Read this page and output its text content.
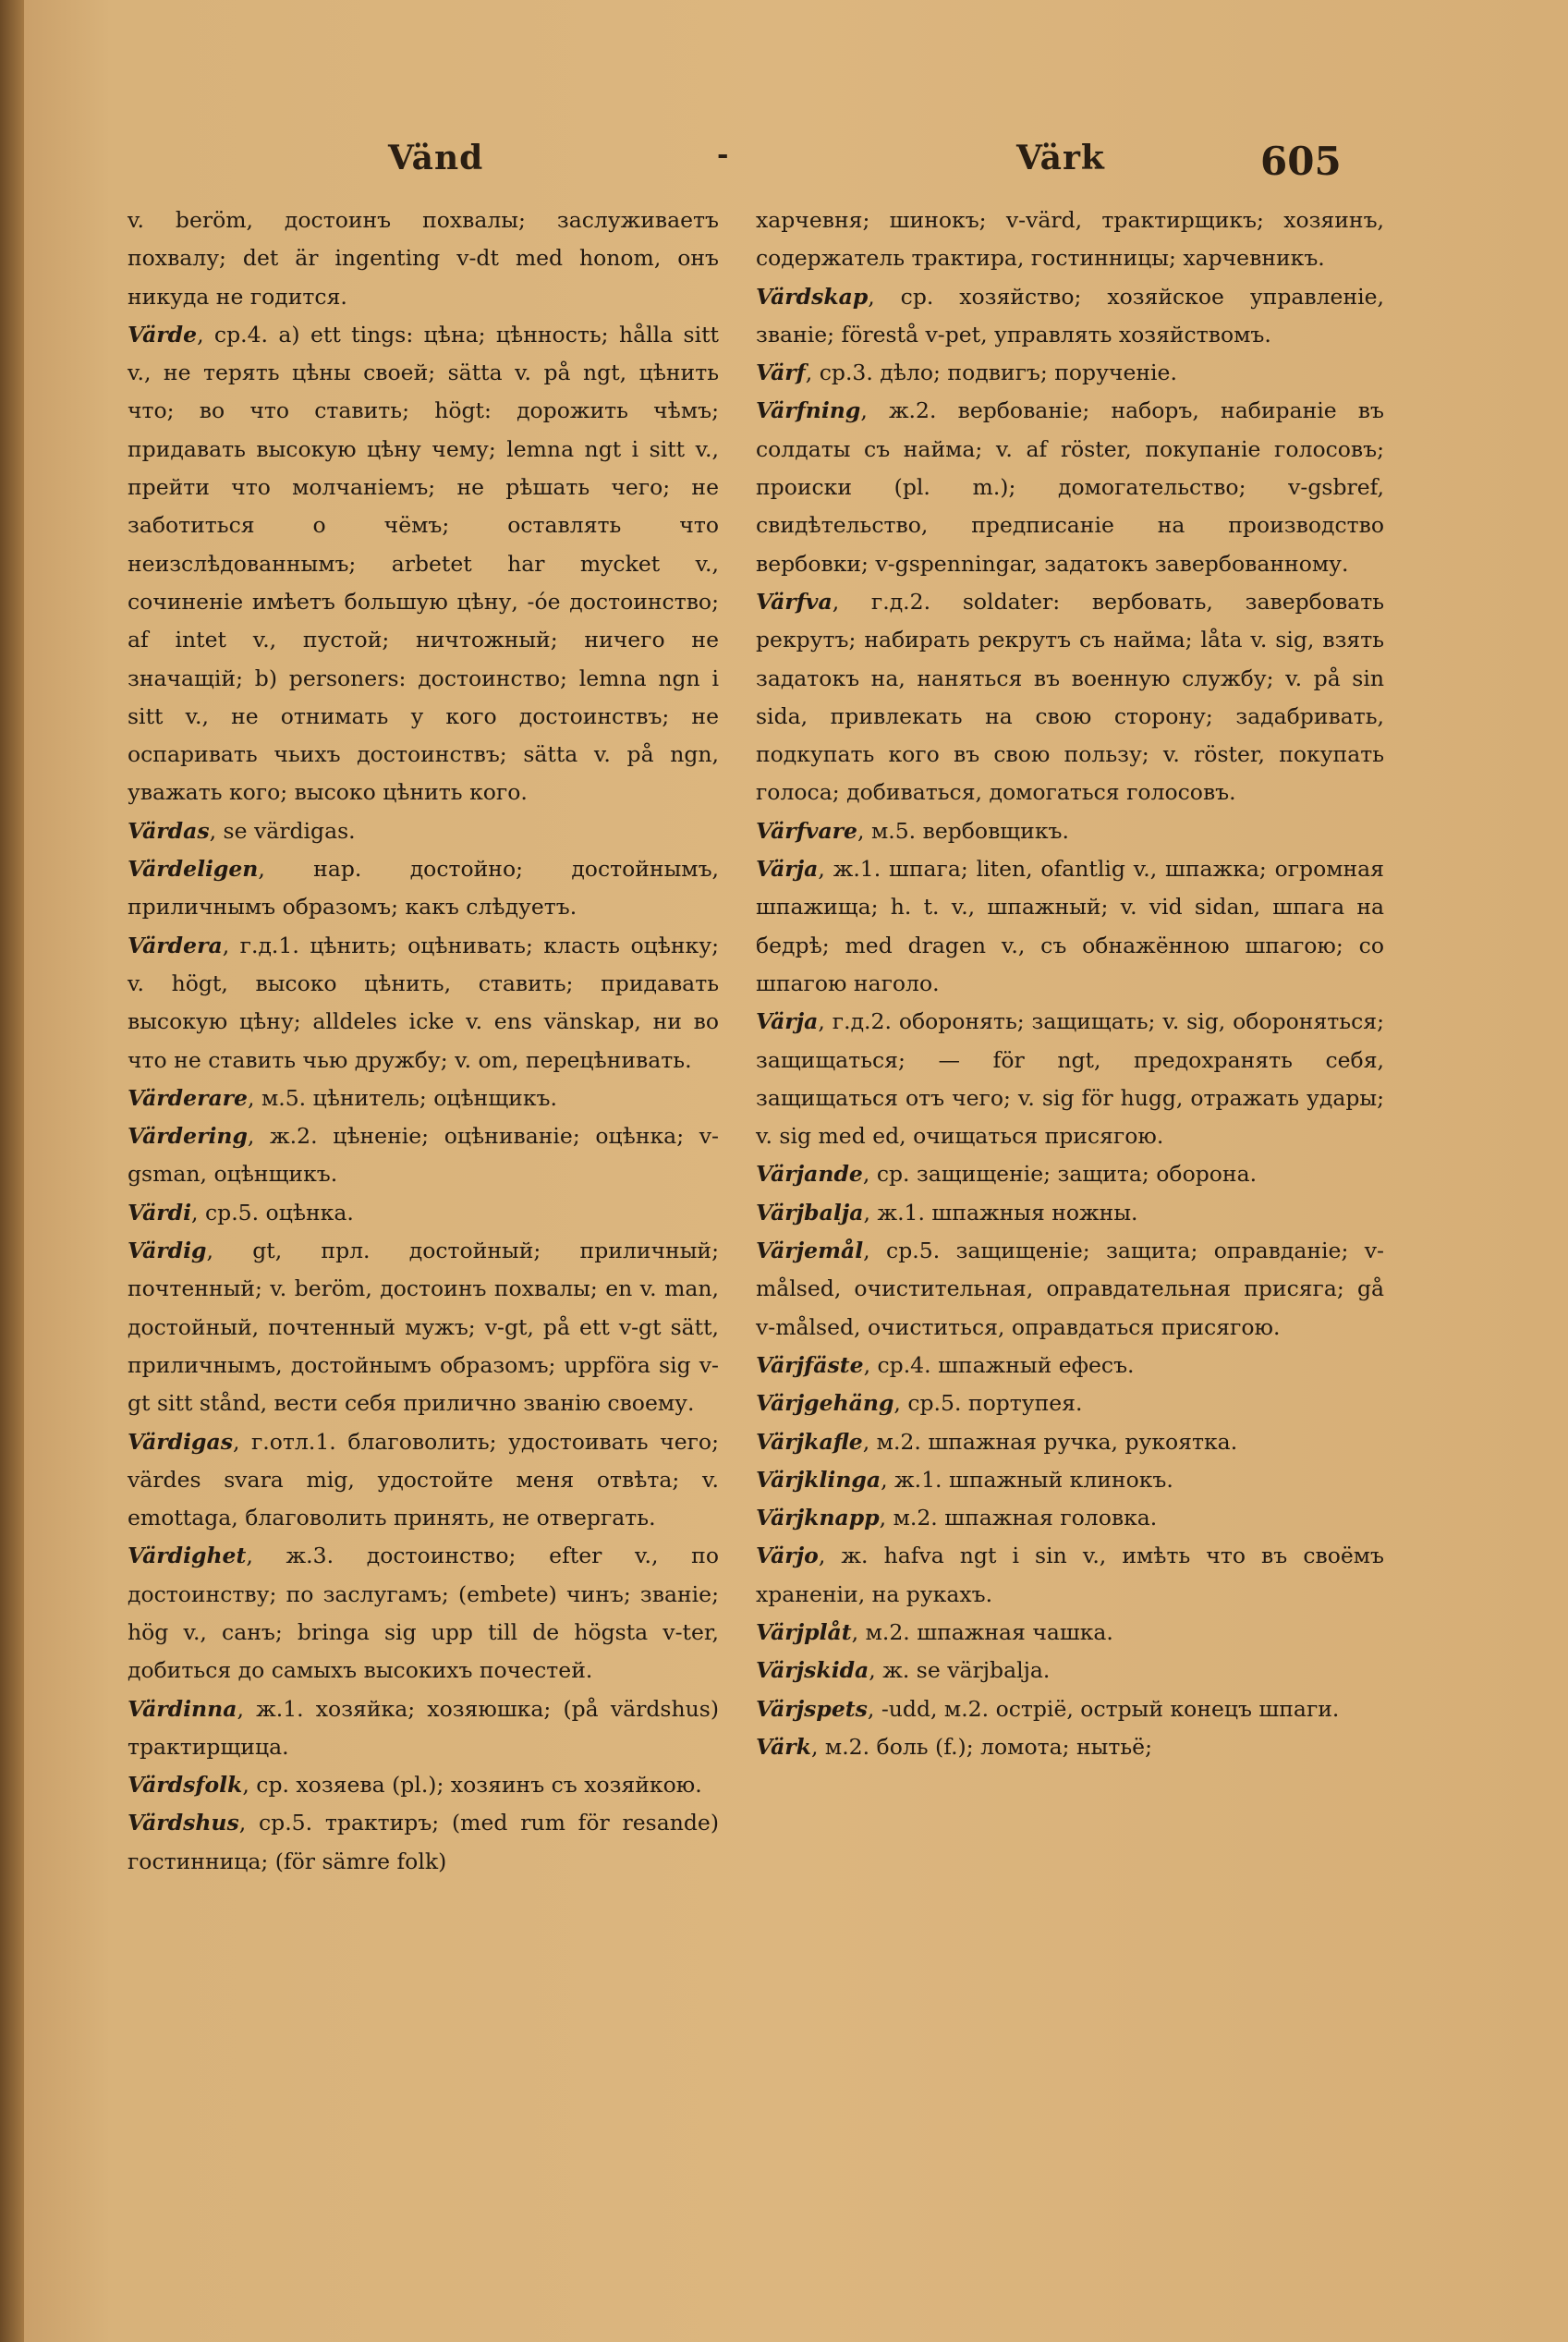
Vänd	-	Värk	605

v. beröm, достоинъ похвалы; заслуживаетъ похвалу; det är ingenting v-dt med honom, онъ никуда не годится.

Värde, ср.4. а) ett tings: цѣна; цѣнность; hålla sitt v., не терять цѣны своей; sätta v. på ngt, цѣнить что; во что ставить; högt: дорожить чѣмъ; придавать высокую цѣну чему; lemna ngt i sitt v., прейти что молчаніемъ; не рѣшать чего; не заботиться о чёмъ; оставлять что неизслѣдованнымъ; arbetet har mycket v., сочиненіе имѣетъ большую цѣну, -óе достоинство; af intet v., пустой; ничтожный; ничего не значащій; b) personers: достоинство; lemna ngn i sitt v., не отнимать у кого достоинствъ; не оспаривать чьихъ достоинствъ; sätta v. på ngn, уважать кого; высоко цѣнить кого.

Värdas, se värdigas.

Värdeligen, нар. достойно; достойнымъ, приличнымъ образомъ; какъ слѣдуетъ.

Värdera, г.д.1. цѣнить; оцѣнивать; класть оцѣнку; v. högt, высоко цѣнить, ставить; придавать высокую цѣну; alldeles icke v. ens vänskap, ни во что не ставить чью дружбу; v. om, перецѣнивать.

Värderare, м.5. цѣнитель; оцѣнщикъ.

Värdering, ж.2. цѣненіе; оцѣниваніе; оцѣнка; v-gsman, оцѣнщикъ.

Värdi, ср.5. оцѣнка.

Värdig, gt, прл. достойный; приличный; почтенный; v. beröm, достоинъ похвалы; en v. man, достойный, почтенный мужъ; v-gt, på ett v-gt sätt, приличнымъ, достойнымъ образомъ; uppföra sig v-gt sitt stånd, вести себя прилично званію своему.

Värdigas, г.отл.1. благоволить; удостоивать чего; värdes svara mig, удостойте меня отвѣта; v. emottaga, благоволить принять, не отвергать.

Värdighet, ж.3. достоинство; efter v., по достоинству; по заслугамъ; (embete) чинъ; званіе; hög v., санъ; bringa sig upp till de högsta v-ter, добиться до самыхъ высокихъ почестей.

Värdinna, ж.1. хозяйка; хозяюшка; (på värdshus) трактирщица.

Värdsfolk, ср. хозяева (pl.); хозяинъ съ хозяйкою.

Värdshus, ср.5. трактиръ; (med rum för resande) гостинница; (för sämre folk)

харчевня; шинокъ; v-värd, трактирщикъ; хозяинъ, содержатель трактира, гостинницы; харчевникъ.

Värdskap, ср. хозяйство; хозяйское управленіе, званіе; förestå v-pet, управлять хозяйствомъ.

Värf, ср.3. дѣло; подвигъ; порученіе.

Värfning, ж.2. вербованіе; наборъ, набираніе въ солдаты съ найма; v. af röster, покупаніе голосовъ; происки (pl. m.); домогательство; v-gsbref, свидѣтельство, предписаніе на производство вербовки; v-gspenningar, задатокъ завербованному.

Värfva, г.д.2. soldater: вербовать, завербовать рекрутъ; набирать рекрутъ съ найма; låta v. sig, взять задатокъ на, наняться въ военную службу; v. på sin sida, привлекать на свою сторону; задабривать, подкупать кого въ свою пользу; v. röster, покупать голоса; добиваться, домогаться голосовъ.

Värfvare, м.5. вербовщикъ.

Värja, ж.1. шпага; liten, ofantlig v., шпажка; огромная шпажища; h. t. v., шпажный; v. vid sidan, шпага на бедрѣ; med dragen v., съ обнажённою шпагою; со шпагою наголо.

Värja, г.д.2. оборонять; защищать; v. sig, обороняться; защищаться; — för ngt, предохранять себя, защищаться отъ чего; v. sig för hugg, отражать удары; v. sig med ed, очищаться присягою.

Värjande, ср. защищеніе; защита; оборона.

Värjbalja, ж.1. шпажныя ножны.

Värjemål, ср.5. защищеніе; защита; оправданіе; v-målsed, очистительная, оправдательная присяга; gå v-målsed, очиститься, оправдаться присягою.

Värjfäste, ср.4. шпажный ефесъ.

Värjgehäng, ср.5. портупея.

Värjkafle, м.2. шпажная ручка, рукоятка.

Värjklinga, ж.1. шпажный клинокъ.

Värjknapp, м.2. шпажная головка.

Värjo, ж. hafva ngt i sin v., имѣть что въ своёмъ храненіи, на рукахъ.

Värjplåt, м.2. шпажная чашка.

Värjskida, ж. se värjbalja.

Värjspets, -udd, м.2. остріё, острый конецъ шпаги.

Värk, м.2. боль (f.); ломота; нытьё;
